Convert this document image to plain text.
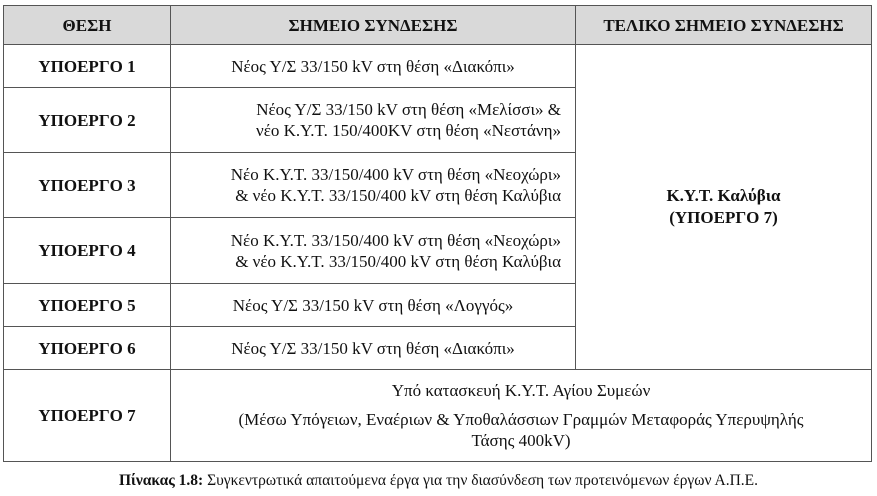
ΘΕΣΗ	ΣΗΜΕΙΟ ΣΥΝΔΕΣΗΣ	ΤΕΛΙΚΟ ΣΗΜΕΙΟ ΣΥΝΔΕΣΗΣ
ΥΠΟΕΡΓΟ 1	Νέος Υ/Σ 33/150 kV στη θέση «Διακόπι»	Κ.Υ.Τ. Καλύβια
(ΥΠΟΕΡΓΟ 7)

ΥΠΟΕΡΓΟ 2	Νέος Υ/Σ 33/150 kV στη θέση «Μελίσσι» &
νέο Κ.Υ.Τ. 150/400KV στη θέση «Νεστάνη»	

ΥΠΟΕΡΓΟ 3	Νέο Κ.Υ.Τ. 33/150/400 kV στη θέση «Νεοχώρι»
& νέο Κ.Υ.Τ. 33/150/400 kV στη θέση Καλύβια	

ΥΠΟΕΡΓΟ 4	Νέο Κ.Υ.Τ. 33/150/400 kV στη θέση «Νεοχώρι»
& νέο Κ.Υ.Τ. 33/150/400 kV στη θέση Καλύβια	

ΥΠΟΕΡΓΟ 5	Νέος Υ/Σ 33/150 kV στη θέση «Λογγός»	

ΥΠΟΕΡΓΟ 6	Νέος Υ/Σ 33/150 kV στη θέση «Διακόπι»	

ΥΠΟΕΡΓΟ 7	Υπό κατασκευή Κ.Υ.Τ. Αγίου Συμεών
(Μέσω Υπόγειων, Εναέριων & Υποθαλάσσιων Γραμμών Μεταφοράς Υπερυψηλής
Τάσης 400kV)	
Πίνακας 1.8: Συγκεντρωτικά απαιτούμενα έργα για την διασύνδεση των προτεινόμενων έργων Α.Π.Ε.
